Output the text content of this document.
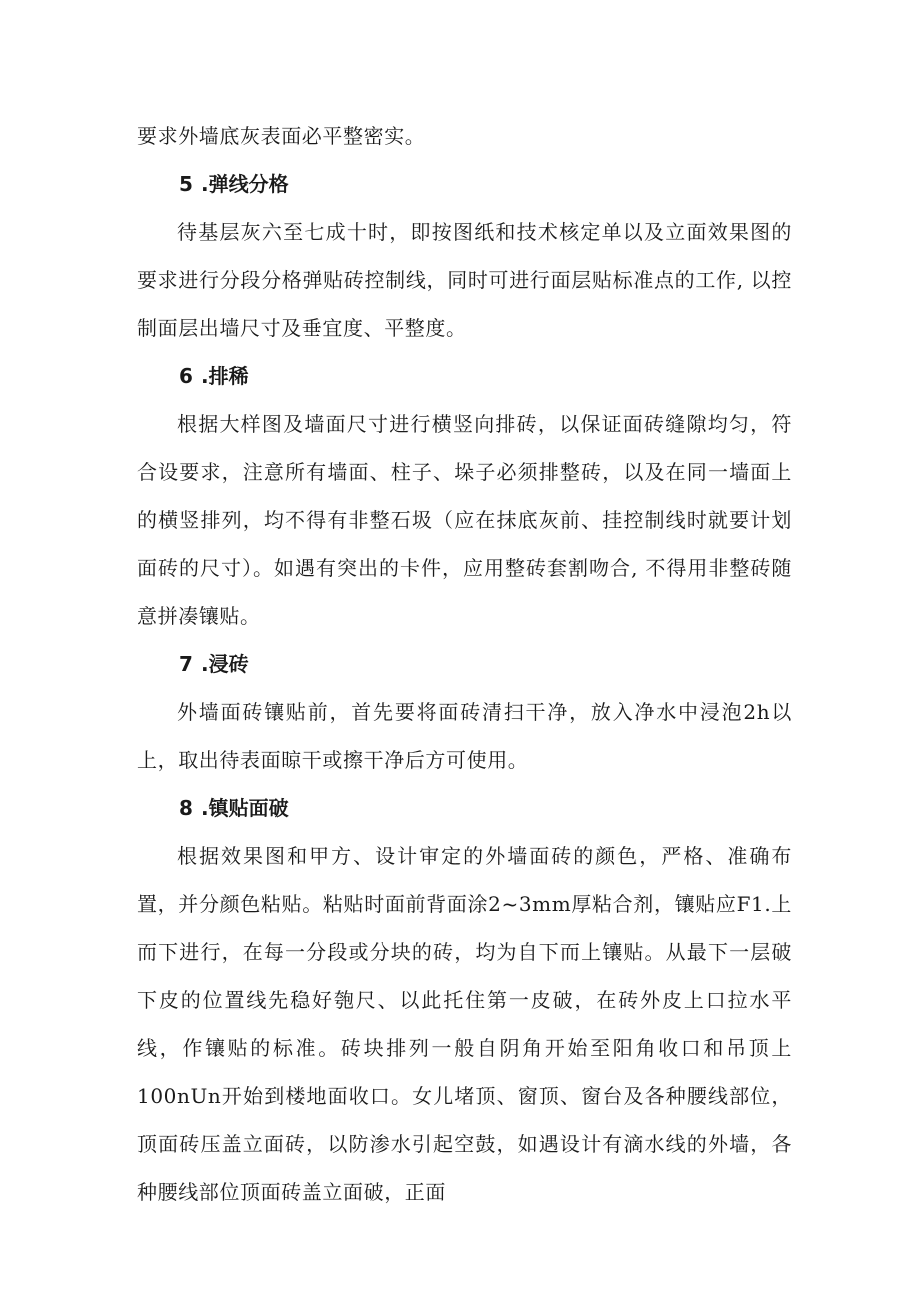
要求外墙底灰表面必平整密实。

5 .弹线分格

待基层灰六至七成十时，即按图纸和技术核定单以及立面效果图的要求进行分段分格弹贴砖控制线，同时可进行面层贴标准点的工作, 以控制面层出墙尺寸及垂宜度、平整度。

6 .排稀

根据大样图及墙面尺寸进行横竖向排砖，以保证面砖缝隙均匀，符合设要求，注意所有墙面、柱子、垛子必须排整砖，以及在同一墙面上的横竖排列，均不得有非整石圾（应在抹底灰前、挂控制线时就要计划面砖的尺寸）。如遇有突出的卡件，应用整砖套割吻合, 不得用非整砖随意拼凑镶贴。

7 .浸砖

外墙面砖镶贴前，首先要将面砖清扫干净，放入净水中浸泡2h以上，取出待表面晾干或擦干净后方可使用。

8 .镇贴面破

根据效果图和甲方、设计审定的外墙面砖的颜色，严格、准确布置，并分颜色粘贴。粘贴时面前背面涂2~3mm厚粘合剂，镶贴应F1.上而下进行，在每一分段或分块的砖，均为自下而上镶贴。从最下一层破下皮的位置线先稳好匏尺、以此托住第一皮破，在砖外皮上口拉水平线，作镶贴的标准。砖块排列一般自阴角开始至阳角收口和吊顶上100nUn开始到楼地面收口。女儿堵顶、窗顶、窗台及各种腰线部位，顶面砖压盖立面砖，以防渗水引起空鼓，如遇设计有滴水线的外墙，各种腰线部位顶面砖盖立面破，正面
